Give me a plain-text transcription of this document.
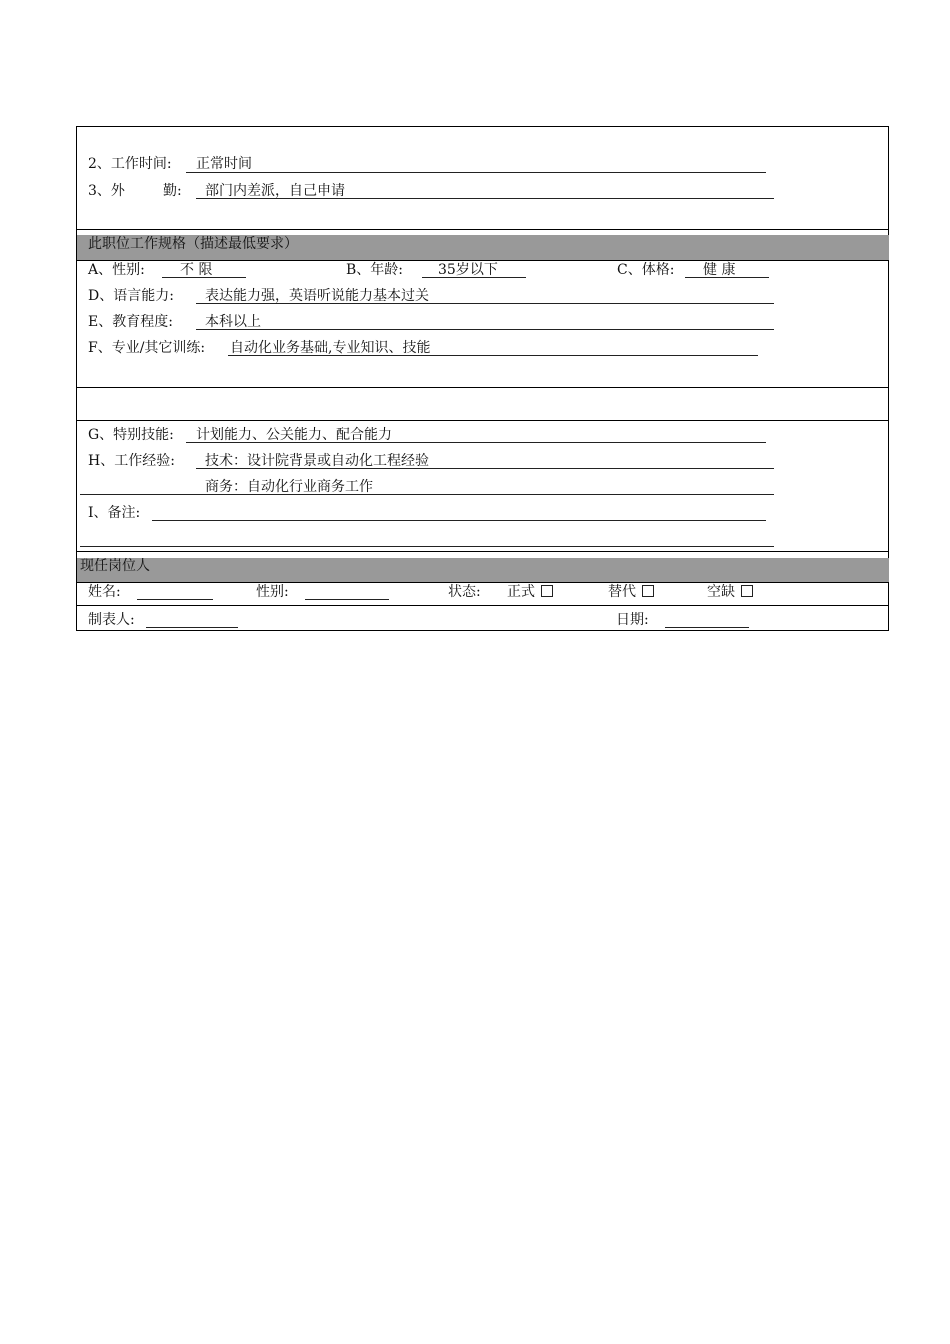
2、工作时间: 正常时间
3、外	勤: 部门内差派，自己申请
此职位工作规格（描述最低要求）
A、性别:	不 限	B、年龄: 35岁以下	C、体格: 健 康
D、语言能力: 表达能力强，英语听说能力基本过关
E、教育程度: 本科以上
F、专业/其它训练: 自动化业务基础,专业知识、技能
G、特别技能: 计划能力、公关能力、配合能力
H、工作经验: 技术：设计院背景或自动化工程经验
商务：自动化行业商务工作
I、备注:
现任岗位人
姓名:	性别:	状态: 正式	替代	空缺
制表人:	日期:
